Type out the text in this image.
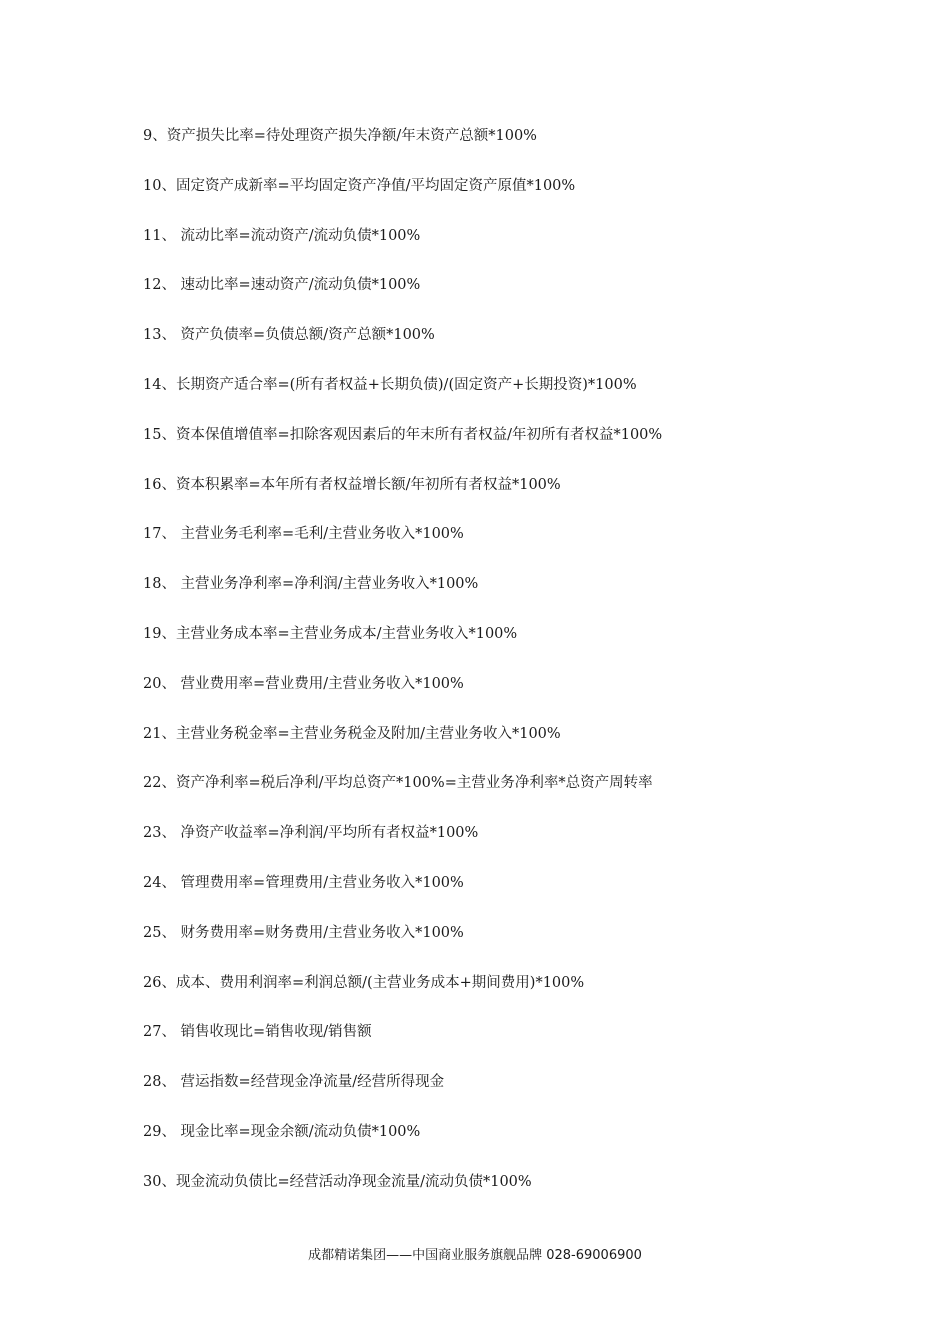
9、资产损失比率=待处理资产损失净额/年末资产总额*100%
10、固定资产成新率=平均固定资产净值/平均固定资产原值*100%
11、 流动比率=流动资产/流动负债*100%
12、 速动比率=速动资产/流动负债*100%
13、 资产负债率=负债总额/资产总额*100%
14、长期资产适合率=(所有者权益+长期负债)/(固定资产+长期投资)*100%
15、资本保值增值率=扣除客观因素后的年末所有者权益/年初所有者权益*100%
16、资本积累率=本年所有者权益增长额/年初所有者权益*100%
17、 主营业务毛利率=毛利/主营业务收入*100%
18、 主营业务净利率=净利润/主营业务收入*100%
19、主营业务成本率=主营业务成本/主营业务收入*100%
20、 营业费用率=营业费用/主营业务收入*100%
21、主营业务税金率=主营业务税金及附加/主营业务收入*100%
22、资产净利率=税后净利/平均总资产*100%=主营业务净利率*总资产周转率
23、 净资产收益率=净利润/平均所有者权益*100%
24、 管理费用率=管理费用/主营业务收入*100%
25、 财务费用率=财务费用/主营业务收入*100%
26、成本、费用利润率=利润总额/(主营业务成本+期间费用)*100%
27、 销售收现比=销售收现/销售额
28、 营运指数=经营现金净流量/经营所得现金
29、 现金比率=现金余额/流动负债*100%
30、现金流动负债比=经营活动净现金流量/流动负债*100%
成都精诺集团——中国商业服务旗舰品牌 028-69006900
